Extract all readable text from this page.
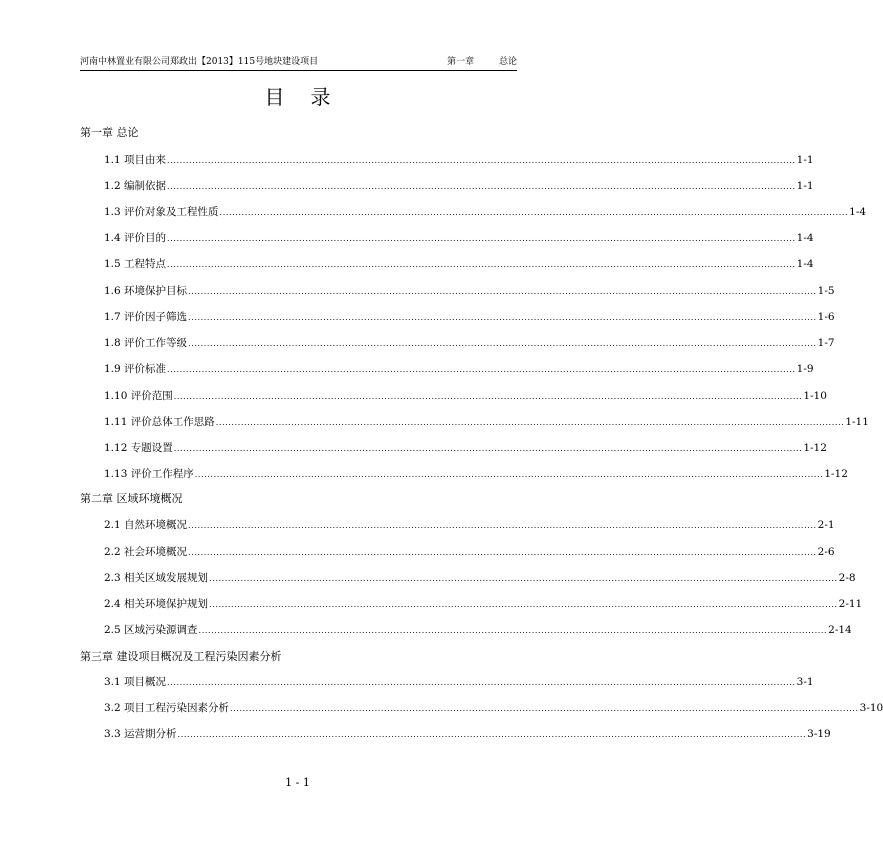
河南中林置业有限公司郑政出【2013】115号地块建设项目	第一章	总论
目录
第一章 总论
1.1 项目由来 ........................................................................................................................................................................................................ 1-1
1.2 编制依据 ........................................................................................................................................................................................................ 1-1
1.3 评价对象及工程性质 ........................................................................................................................................................................................................ 1-4
1.4 评价目的 ........................................................................................................................................................................................................ 1-4
1.5 工程特点 ........................................................................................................................................................................................................ 1-4
1.6 环境保护目标 ........................................................................................................................................................................................................ 1-5
1.7 评价因子筛选 ........................................................................................................................................................................................................ 1-6
1.8 评价工作等级 ........................................................................................................................................................................................................ 1-7
1.9 评价标准 ........................................................................................................................................................................................................ 1-9
1.10 评价范围 ........................................................................................................................................................................................................ 1-10
1.11 评价总体工作思路 ........................................................................................................................................................................................................ 1-11
1.12 专题设置 ........................................................................................................................................................................................................ 1-12
1.13 评价工作程序 ........................................................................................................................................................................................................ 1-12
第二章 区域环境概况
2.1 自然环境概况 ........................................................................................................................................................................................................ 2-1
2.2 社会环境概况 ........................................................................................................................................................................................................ 2-6
2.3 相关区域发展规划 ........................................................................................................................................................................................................ 2-8
2.4 相关环境保护规划 ........................................................................................................................................................................................................ 2-11
2.5 区域污染源调查 ........................................................................................................................................................................................................ 2-14
第三章 建设项目概况及工程污染因素分析
3.1 项目概况 ........................................................................................................................................................................................................ 3-1
3.2 项目工程污染因素分析 ........................................................................................................................................................................................................ 3-10
3.3 运营期分析 ........................................................................................................................................................................................................ 3-19
1 - 1
